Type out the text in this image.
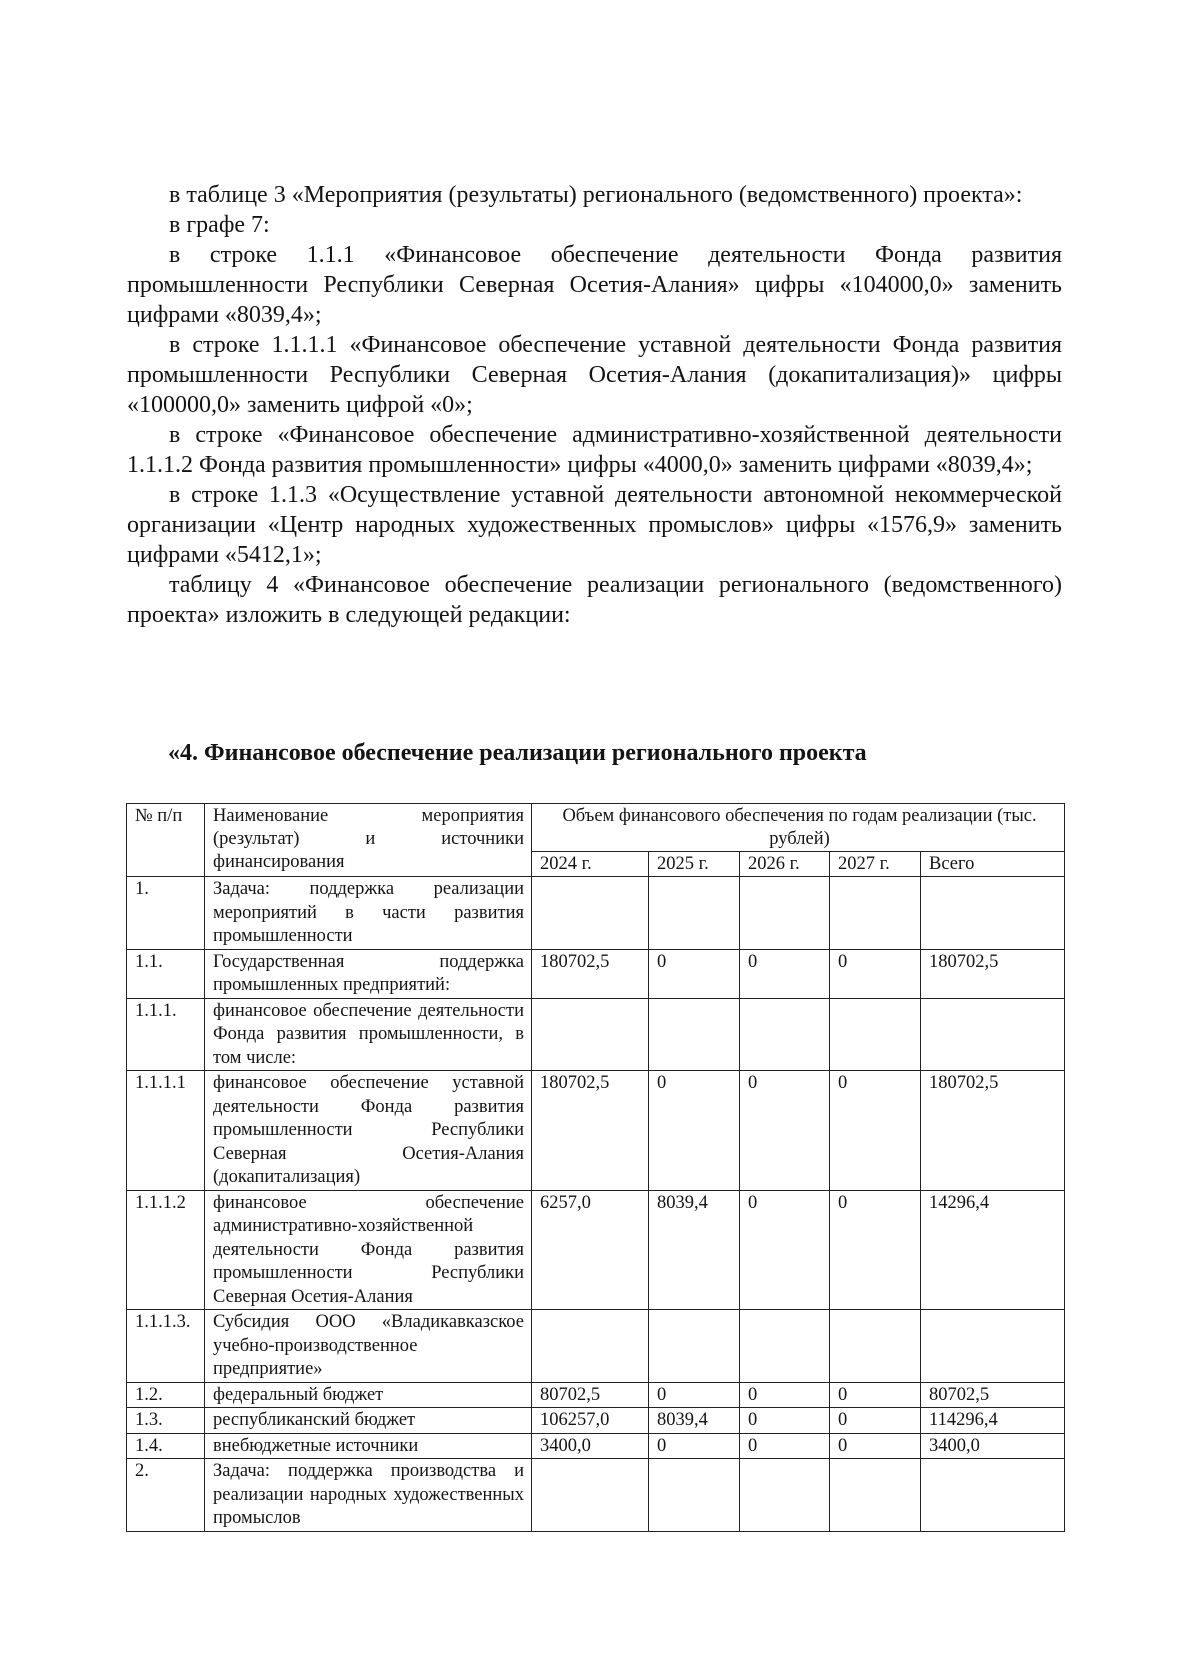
в таблице 3 «Мероприятия (результаты) регионального (ведомственного) проекта»:

в графе 7:

в строке 1.1.1 «Финансовое обеспечение деятельности Фонда развития промышленности Республики Северная Осетия-Алания» цифры «104000,0» заменить цифрами «8039,4»;

в строке 1.1.1.1 «Финансовое обеспечение уставной деятельности Фонда развития промышленности Республики Северная Осетия-Алания (докапитализация)» цифры «100000,0» заменить цифрой «0»;

в строке «Финансовое обеспечение административно-хозяйственной деятельности 1.1.1.2 Фонда развития промышленности» цифры «4000,0» заменить цифрами «8039,4»;

в строке 1.1.3 «Осуществление уставной деятельности автономной некоммерческой организации «Центр народных художественных промыслов» цифры «1576,9» заменить цифрами «5412,1»;

таблицу 4 «Финансовое обеспечение реализации регионального (ведомственного) проекта» изложить в следующей редакции:

«4. Финансовое обеспечение реализации регионального проекта
№ п/п	Наименование мероприятия (результат) и источники финансирования	Объем финансового обеспечения по годам реализации (тыс. рублей)				
		2024 г.	2025 г.	2026 г.	2027 г.	Всего
1.	Задача: поддержка реализации мероприятий в части развития промышленности					
1.1.	Государственная поддержка промышленных предприятий:	180702,5	0	0	0	180702,5
1.1.1.	финансовое обеспечение деятельности Фонда развития промышленности, в том числе:					
1.1.1.1	финансовое обеспечение уставной деятельности Фонда развития промышленности Республики Северная Осетия-Алания (докапитализация)	180702,5	0	0	0	180702,5
1.1.1.2	финансовое обеспечение административно-хозяйственной деятельности Фонда развития промышленности Республики Северная Осетия-Алания	6257,0	8039,4	0	0	14296,4
1.1.1.3.	Субсидия ООО «Владикавказское учебно-производственное предприятие»					
1.2.	федеральный бюджет	80702,5	0	0	0	80702,5
1.3.	республиканский бюджет	106257,0	8039,4	0	0	114296,4
1.4.	внебюджетные источники	3400,0	0	0	0	3400,0
2.	Задача: поддержка производства и реализации народных художественных промыслов					
